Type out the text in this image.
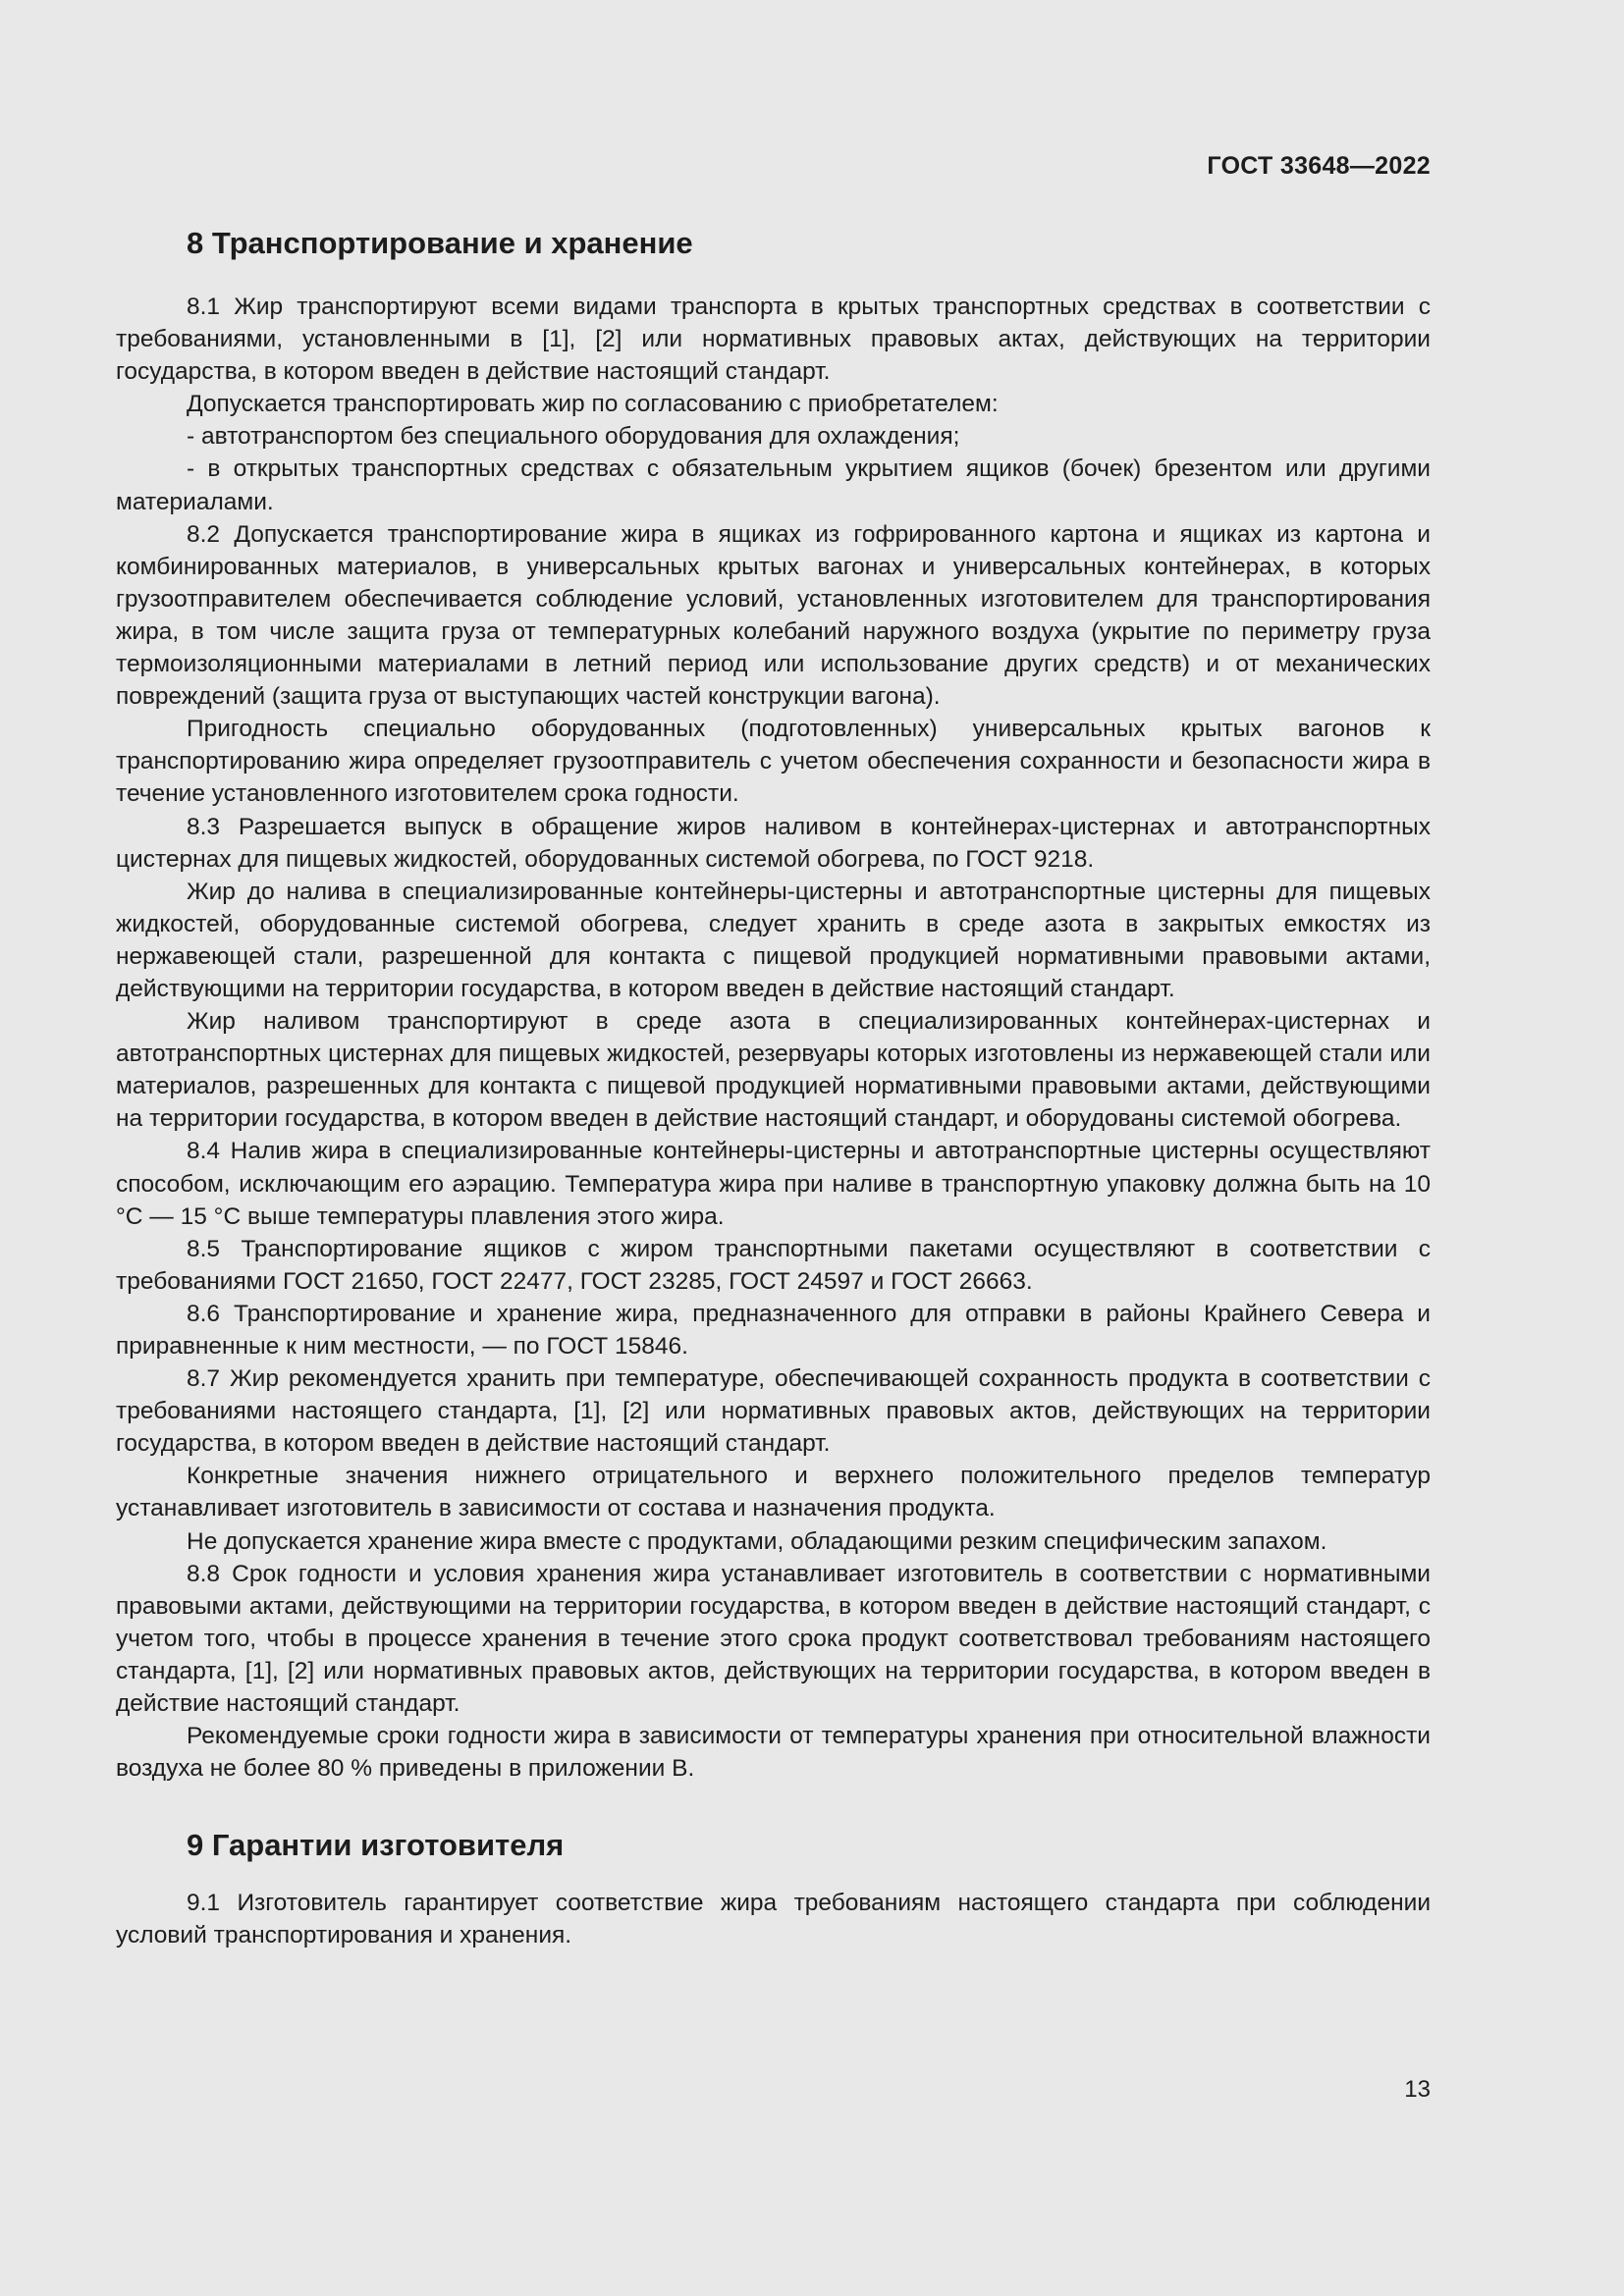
ГОСТ 33648—2022
8 Транспортирование и хранение

8.1 Жир транспортируют всеми видами транспорта в крытых транспортных средствах в соответствии с требованиями, установленными в [1], [2] или нормативных правовых актах, действующих на территории государства, в котором введен в действие настоящий стандарт.

Допускается транспортировать жир по согласованию с приобретателем:

- автотранспортом без специального оборудования для охлаждения;

- в открытых транспортных средствах с обязательным укрытием ящиков (бочек) брезентом или другими материалами.

8.2 Допускается транспортирование жира в ящиках из гофрированного картона и ящиках из картона и комбинированных материалов, в универсальных крытых вагонах и универсальных контейнерах, в которых грузоотправителем обеспечивается соблюдение условий, установленных изготовителем для транспортирования жира, в том числе защита груза от температурных колебаний наружного воздуха (укрытие по периметру груза термоизоляционными материалами в летний период или использование других средств) и от механических повреждений (защита груза от выступающих частей конструкции вагона).

Пригодность специально оборудованных (подготовленных) универсальных крытых вагонов к транспортированию жира определяет грузоотправитель с учетом обеспечения сохранности и безопасности жира в течение установленного изготовителем срока годности.

8.3 Разрешается выпуск в обращение жиров наливом в контейнерах-цистернах и автотранспортных цистернах для пищевых жидкостей, оборудованных системой обогрева, по ГОСТ 9218.

Жир до налива в специализированные контейнеры-цистерны и автотранспортные цистерны для пищевых жидкостей, оборудованные системой обогрева, следует хранить в среде азота в закрытых емкостях из нержавеющей стали, разрешенной для контакта с пищевой продукцией нормативными правовыми актами, действующими на территории государства, в котором введен в действие настоящий стандарт.

Жир наливом транспортируют в среде азота в специализированных контейнерах-цистернах и автотранспортных цистернах для пищевых жидкостей, резервуары которых изготовлены из нержавеющей стали или материалов, разрешенных для контакта с пищевой продукцией нормативными правовыми актами, действующими на территории государства, в котором введен в действие настоящий стандарт, и оборудованы системой обогрева.

8.4 Налив жира в специализированные контейнеры-цистерны и автотранспортные цистерны осуществляют способом, исключающим его аэрацию. Температура жира при наливе в транспортную упаковку должна быть на 10 °С — 15 °С выше температуры плавления этого жира.

8.5 Транспортирование ящиков с жиром транспортными пакетами осуществляют в соответствии с требованиями ГОСТ 21650, ГОСТ 22477, ГОСТ 23285, ГОСТ 24597 и ГОСТ 26663.

8.6 Транспортирование и хранение жира, предназначенного для отправки в районы Крайнего Севера и приравненные к ним местности, — по ГОСТ 15846.

8.7 Жир рекомендуется хранить при температуре, обеспечивающей сохранность продукта в соответствии с требованиями настоящего стандарта, [1], [2] или нормативных правовых актов, действующих на территории государства, в котором введен в действие настоящий стандарт.

Конкретные значения нижнего отрицательного и верхнего положительного пределов температур устанавливает изготовитель в зависимости от состава и назначения продукта.

Не допускается хранение жира вместе с продуктами, обладающими резким специфическим запахом.

8.8 Срок годности и условия хранения жира устанавливает изготовитель в соответствии с нормативными правовыми актами, действующими на территории государства, в котором введен в действие настоящий стандарт, с учетом того, чтобы в процессе хранения в течение этого срока продукт соответствовал требованиям настоящего стандарта, [1], [2] или нормативных правовых актов, действующих на территории государства, в котором введен в действие настоящий стандарт.

Рекомендуемые сроки годности жира в зависимости от температуры хранения при относительной влажности воздуха не более 80 % приведены в приложении В.

9 Гарантии изготовителя

9.1 Изготовитель гарантирует соответствие жира требованиям настоящего стандарта при соблюдении условий транспортирования и хранения.

13
